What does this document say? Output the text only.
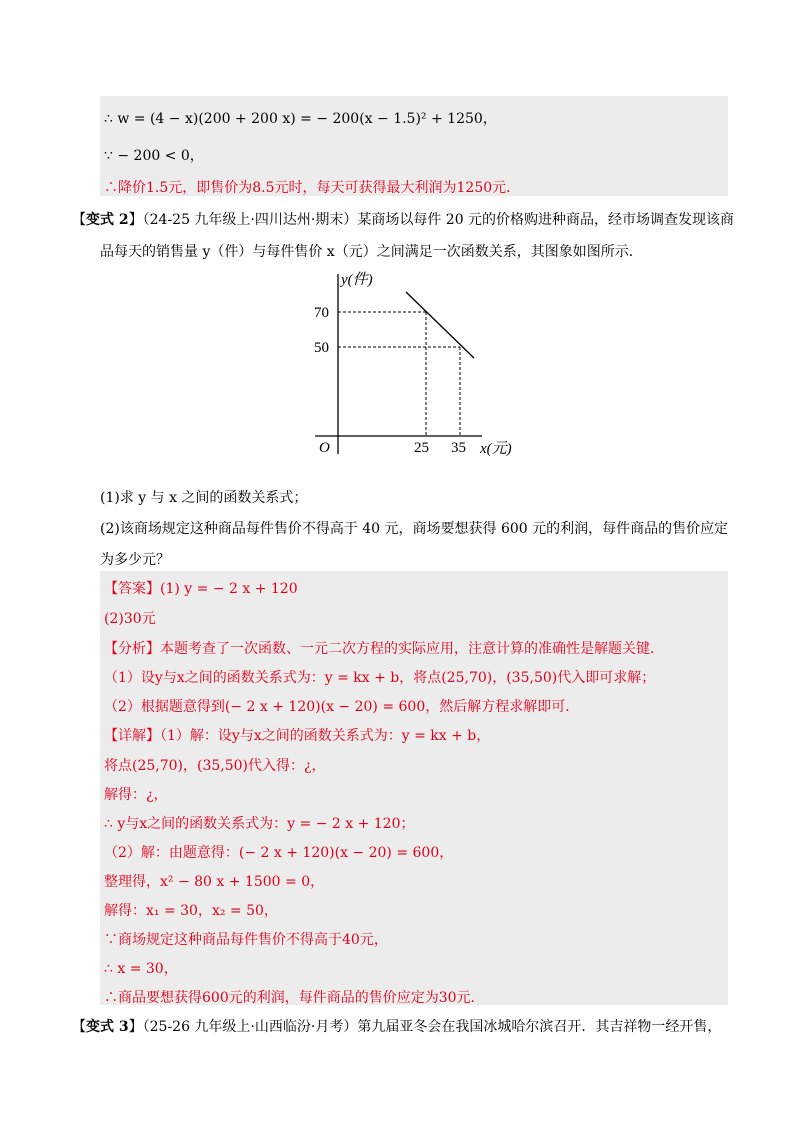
∴ w = (4 − x)(200 + 200 x) = − 200(x − 1.5)² + 1250，
∵ − 200 < 0，
∴降价1.5元，即售价为8.5元时，每天可获得最大利润为1250元．
【变式 2】（24-25 九年级上·四川达州·期末）某商场以每件 20 元的价格购进种商品，经市场调查发现该商
品每天的销售量 y（件）与每件售价 x（元）之间满足一次函数关系，其图象如图所示．
y(件)
x(元)
O
70
50
25 35
(1)求 y 与 x 之间的函数关系式；
(2)该商场规定这种商品每件售价不得高于 40 元，商场要想获得 600 元的利润，每件商品的售价应定
为多少元？
【答案】(1) y = − 2 x + 120
(2)30元
【分析】本题考查了一次函数、一元二次方程的实际应用，注意计算的准确性是解题关键．
（1）设y与x之间的函数关系式为：y = kx + b，将点(25,70)，(35,50)代入即可求解；
（2）根据题意得到(− 2 x + 120)(x − 20) = 600，然后解方程求解即可．
【详解】（1）解：设y与x之间的函数关系式为：y = kx + b，
将点(25,70)，(35,50)代入得：¿，
解得：¿，
∴ y与x之间的函数关系式为：y = − 2 x + 120；
（2）解：由题意得：(− 2 x + 120)(x − 20) = 600，
整理得，x² − 80 x + 1500 = 0，
解得：x₁ = 30，x₂ = 50，
∵商场规定这种商品每件售价不得高于40元，
∴ x = 30，
∴商品要想获得600元的利润，每件商品的售价应定为30元．
【变式 3】（25-26 九年级上·山西临汾·月考）第九届亚冬会在我国冰城哈尔滨召开．其吉祥物一经开售，
